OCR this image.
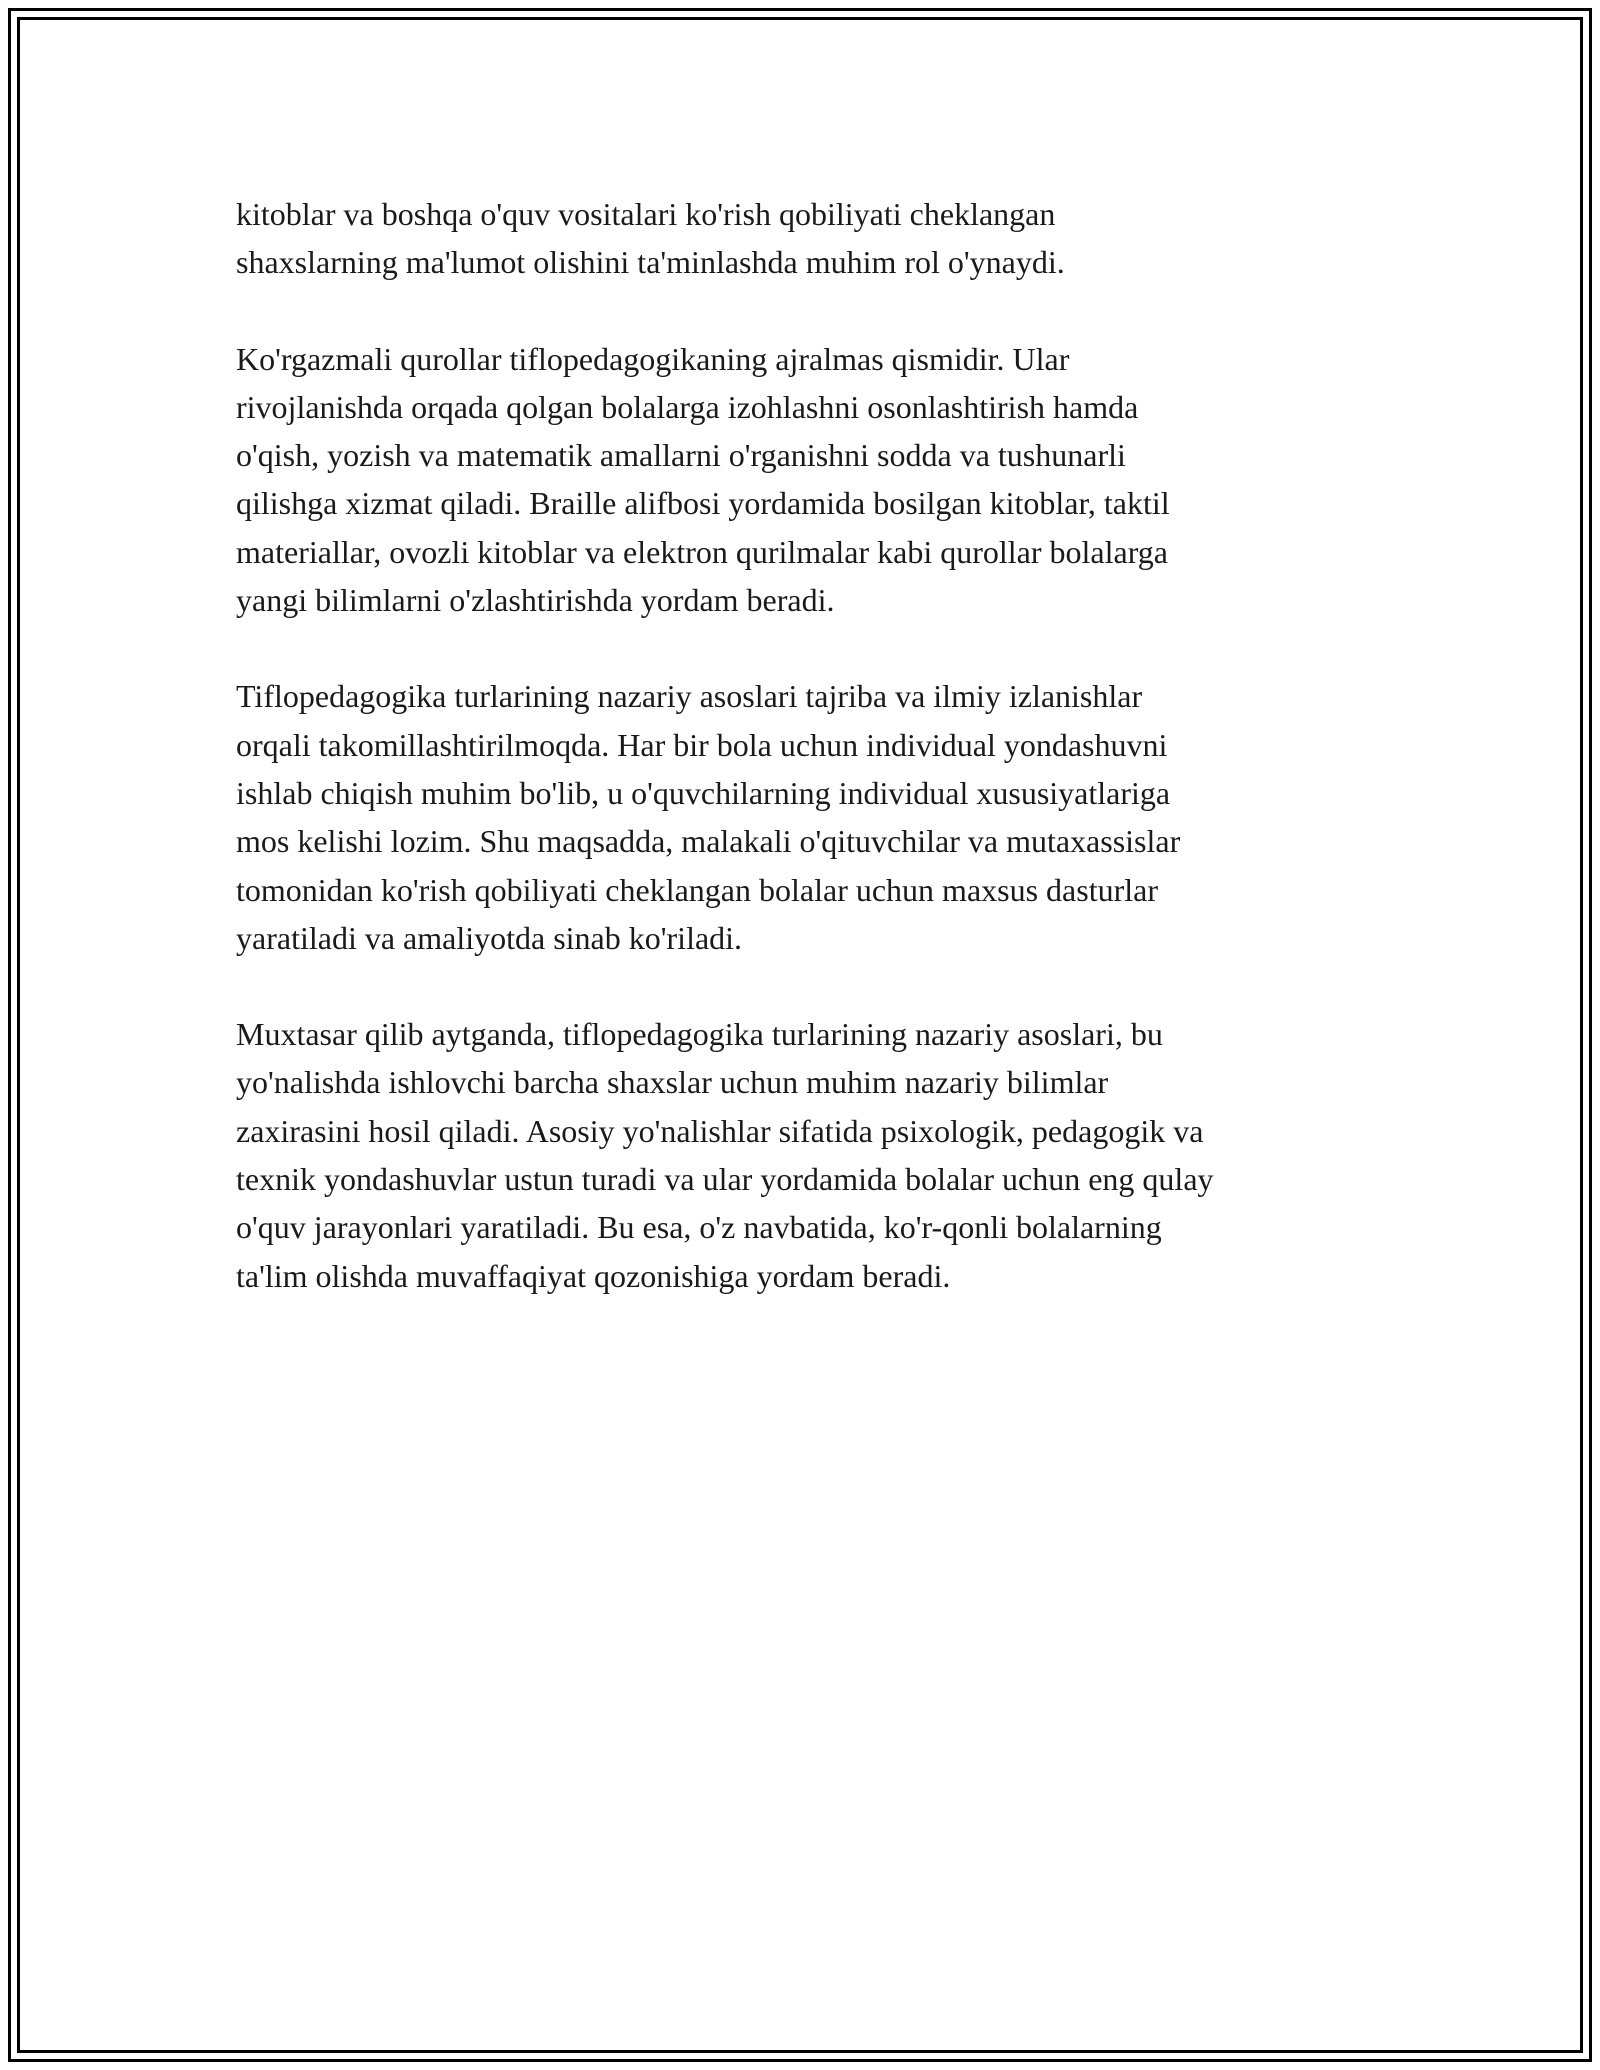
kitoblar va boshqa o'quv vositalari ko'rish qobiliyati cheklangan
shaxslarning ma'lumot olishini ta'minlashda muhim rol o'ynaydi.

Ko'rgazmali qurollar tiflopedagogikaning ajralmas qismidir. Ular
rivojlanishda orqada qolgan bolalarga izohlashni osonlashtirish hamda
o'qish, yozish va matematik amallarni o'rganishni sodda va tushunarli
qilishga xizmat qiladi. Braille alifbosi yordamida bosilgan kitoblar, taktil
materiallar, ovozli kitoblar va elektron qurilmalar kabi qurollar bolalarga
yangi bilimlarni o'zlashtirishda yordam beradi.

Tiflopedagogika turlarining nazariy asoslari tajriba va ilmiy izlanishlar
orqali takomillashtirilmoqda. Har bir bola uchun individual yondashuvni
ishlab chiqish muhim bo'lib, u o'quvchilarning individual xususiyatlariga
mos kelishi lozim. Shu maqsadda, malakali o'qituvchilar va mutaxassislar
tomonidan ko'rish qobiliyati cheklangan bolalar uchun maxsus dasturlar
yaratiladi va amaliyotda sinab ko'riladi.

Muxtasar qilib aytganda, tiflopedagogika turlarining nazariy asoslari, bu
yo'nalishda ishlovchi barcha shaxslar uchun muhim nazariy bilimlar
zaxirasini hosil qiladi. Asosiy yo'nalishlar sifatida psixologik, pedagogik va
texnik yondashuvlar ustun turadi va ular yordamida bolalar uchun eng qulay
o'quv jarayonlari yaratiladi. Bu esa, o'z navbatida, ko'r-qonli bolalarning
ta'lim olishda muvaffaqiyat qozonishiga yordam beradi.
